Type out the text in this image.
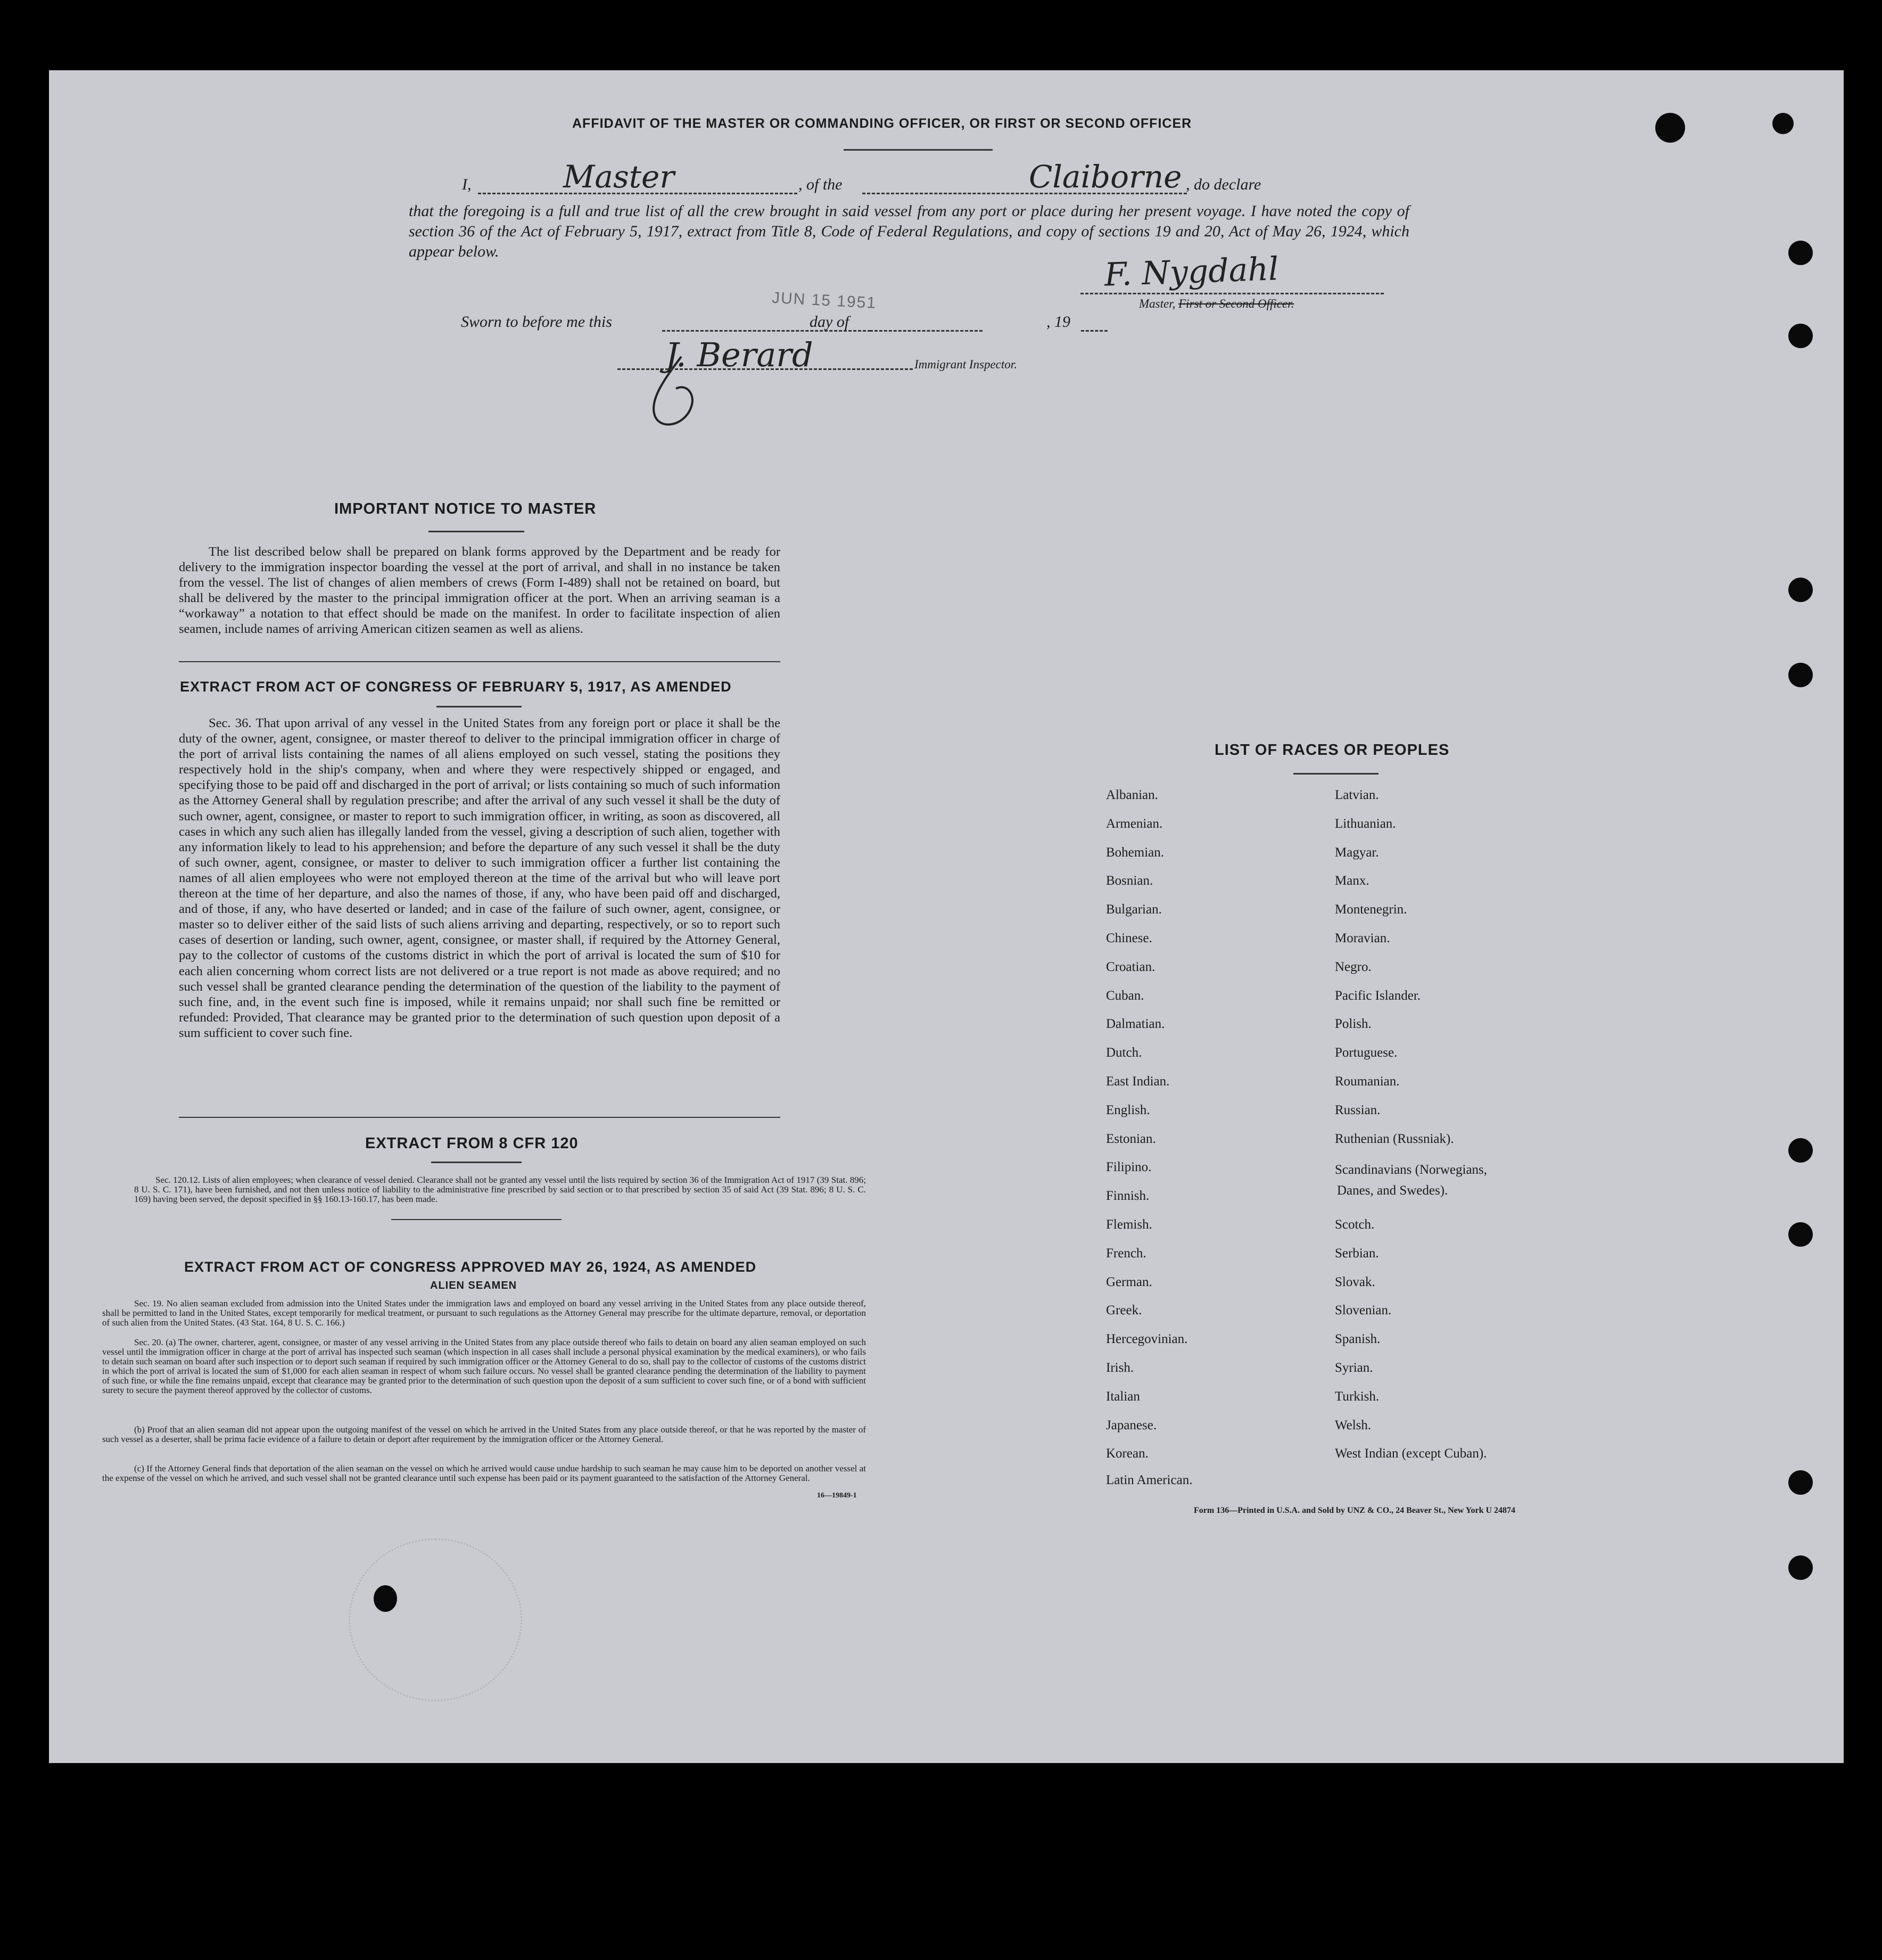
AFFIDAVIT OF THE MASTER OR COMMANDING OFFICER, OR FIRST OR SECOND OFFICER
I,	Master	, of the	Claiborne , do declare
that the foregoing is a full and true list of all the crew brought in said vessel from any port or place during her present voyage. I have noted the copy of section 36 of the Act of February 5, 1917, extract from Title 8, Code of Federal Regulations, and copy of sections 19 and 20, Act of May 26, 1924, which appear below.	F. Nygdahl
Master, First or Second Officer.
Sworn to before me this	day of	, 19
JUN 15 1951
J. Berard	Immigrant Inspector.
IMPORTANT NOTICE TO MASTER
The list described below shall be prepared on blank forms approved by the Department and be ready for delivery to the immigration inspector boarding the vessel at the port of arrival, and shall in no instance be taken from the vessel. The list of changes of alien members of crews (Form I-489) shall not be retained on board, but shall be delivered by the master to the principal immigration officer at the port. When an arriving seaman is a “workaway” a notation to that effect should be made on the manifest. In order to facilitate inspection of alien seamen, include names of arriving American citizen seamen as well as aliens.
EXTRACT FROM ACT OF CONGRESS OF FEBRUARY 5, 1917, AS AMENDED
Sec. 36. That upon arrival of any vessel in the United States from any foreign port or place it shall be the duty of the owner, agent, consignee, or master thereof to deliver to the principal immigration officer in charge of the port of arrival lists containing the names of all aliens employed on such vessel, stating the positions they respectively hold in the ship's company, when and where they were respectively shipped or engaged, and specifying those to be paid off and discharged in the port of arrival; or lists containing so much of such information as the Attorney General shall by regulation prescribe; and after the arrival of any such vessel it shall be the duty of such owner, agent, consignee, or master to report to such immigration officer, in writing, as soon as discovered, all cases in which any such alien has illegally landed from the vessel, giving a description of such alien, together with any information likely to lead to his apprehension; and before the departure of any such vessel it shall be the duty of such owner, agent, consignee, or master to deliver to such immigration officer a further list containing the names of all alien employees who were not employed thereon at the time of the arrival but who will leave port thereon at the time of her departure, and also the names of those, if any, who have been paid off and discharged, and of those, if any, who have deserted or landed; and in case of the failure of such owner, agent, consignee, or master so to deliver either of the said lists of such aliens arriving and departing, respectively, or so to report such cases of desertion or landing, such owner, agent, consignee, or master shall, if required by the Attorney General, pay to the collector of customs of the customs district in which the port of arrival is located the sum of $10 for each alien concerning whom correct lists are not delivered or a true report is not made as above required; and no such vessel shall be granted clearance pending the determination of the question of the liability to the payment of such fine, and, in the event such fine is imposed, while it remains unpaid; nor shall such fine be remitted or refunded: Provided, That clearance may be granted prior to the determination of such question upon deposit of a sum sufficient to cover such fine.
EXTRACT FROM 8 CFR 120
Sec. 120.12. Lists of alien employees; when clearance of vessel denied. Clearance shall not be granted any vessel until the lists required by section 36 of the Immigration Act of 1917 (39 Stat. 896; 8 U. S. C. 171), have been furnished, and not then unless notice of liability to the administrative fine prescribed by said section or to that prescribed by section 35 of said Act (39 Stat. 896; 8 U. S. C. 169) having been served, the deposit specified in §§ 160.13-160.17, has been made.
EXTRACT FROM ACT OF CONGRESS APPROVED MAY 26, 1924, AS AMENDED
ALIEN SEAMEN
Sec. 19. No alien seaman excluded from admission into the United States under the immigration laws and employed on board any vessel arriving in the United States from any place outside thereof, shall be permitted to land in the United States, except temporarily for medical treatment, or pursuant to such regulations as the Attorney General may prescribe for the ultimate departure, removal, or deportation of such alien from the United States. (43 Stat. 164, 8 U. S. C. 166.)
Sec. 20. (a) The owner, charterer, agent, consignee, or master of any vessel arriving in the United States from any place outside thereof who fails to detain on board any alien seaman employed on such vessel until the immigration officer in charge at the port of arrival has inspected such seaman (which inspection in all cases shall include a personal physical examination by the medical examiners), or who fails to detain such seaman on board after such inspection or to deport such seaman if required by such immigration officer or the Attorney General to do so, shall pay to the collector of customs of the customs district in which the port of arrival is located the sum of $1,000 for each alien seaman in respect of whom such failure occurs. No vessel shall be granted clearance pending the determination of the liability to payment of such fine, or while the fine remains unpaid, except that clearance may be granted prior to the determination of such question upon the deposit of a sum sufficient to cover such fine, or of a bond with sufficient surety to secure the payment thereof approved by the collector of customs.
(b) Proof that an alien seaman did not appear upon the outgoing manifest of the vessel on which he arrived in the United States from any place outside thereof, or that he was reported by the master of such vessel as a deserter, shall be prima facie evidence of a failure to detain or deport after requirement by the immigration officer or the Attorney General.
(c) If the Attorney General finds that deportation of the alien seaman on the vessel on which he arrived would cause undue hardship to such seaman he may cause him to be deported on another vessel at the expense of the vessel on which he arrived, and such vessel shall not be granted clearance until such expense has been paid or its payment guaranteed to the satisfaction of the Attorney General.
16—19849-1
LIST OF RACES OR PEOPLES
Danes, and Swedes).
Form 136—Printed in U.S.A. and Sold by UNZ & CO., 24 Beaver St., New York U 24874
Albanian.
Armenian.
Bohemian.
Bosnian.
Bulgarian.
Chinese.
Croatian.
Cuban.
Dalmatian.
Dutch.
East Indian.
English.
Estonian.
Filipino.
Finnish.
Flemish.
French.
German.
Greek.
Hercegovinian.
Irish.
Italian
Japanese.
Korean.
Latin American.
Latvian.
Lithuanian.
Magyar.
Manx.
Montenegrin.
Moravian.
Negro.
Pacific Islander.
Polish.
Portuguese.
Roumanian.
Russian.
Ruthenian (Russniak).
Scandinavians (Norwegians,
Scotch.
Serbian.
Slovak.
Slovenian.
Spanish.
Syrian.
Turkish.
Welsh.
West Indian (except Cuban).
